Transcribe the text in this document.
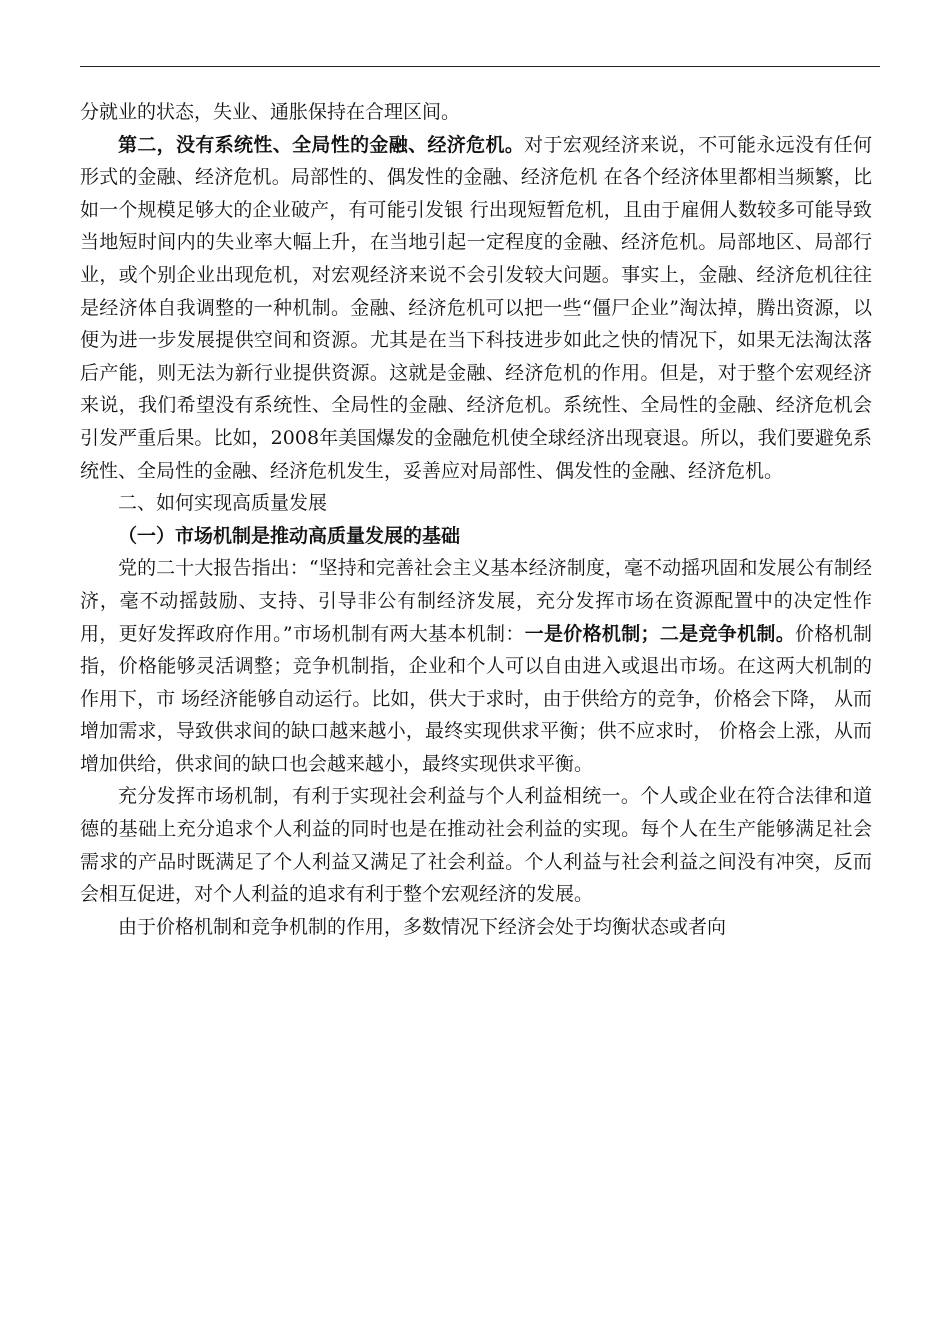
分就业的状态，失业、通胀保持在合理区间。

第二，没有系统性、全局性的金融、经济危机。对于宏观经济来说，不可能永远没有任何形式的金融、经济危机。局部性的、偶发性的金融、经济危机 在各个经济体里都相当频繁，比如一个规模足够大的企业破产，有可能引发银 行出现短暂危机，且由于雇佣人数较多可能导致当地短时间内的失业率大幅上升，在当地引起一定程度的金融、经济危机。局部地区、局部行业，或个别企业出现危机，对宏观经济来说不会引发较大问题。事实上，金融、经济危机往往是经济体自我调整的一种机制。金融、经济危机可以把一些“僵尸企业”淘汰掉，腾出资源，以便为进一步发展提供空间和资源。尤其是在当下科技进步如此之快的情况下，如果无法淘汰落后产能，则无法为新行业提供资源。这就是金融、经济危机的作用。但是，对于整个宏观经济来说，我们希望没有系统性、全局性的金融、经济危机。系统性、全局性的金融、经济危机会引发严重后果。比如，2008年美国爆发的金融危机使全球经济出现衰退。所以，我们要避免系统性、全局性的金融、经济危机发生，妥善应对局部性、偶发性的金融、经济危机。

二、如何实现高质量发展

（一）市场机制是推动高质量发展的基础

党的二十大报告指出：“坚持和完善社会主义基本经济制度，毫不动摇巩固和发展公有制经济，毫不动摇鼓励、支持、引导非公有制经济发展，充分发挥市场在资源配置中的决定性作用，更好发挥政府作用。”市场机制有两大基本机制：一是价格机制；二是竞争机制。价格机制指，价格能够灵活调整；竞争机制指，企业和个人可以自由进入或退出市场。在这两大机制的作用下，市 场经济能够自动运行。比如，供大于求时，由于供给方的竞争，价格会下降， 从而增加需求，导致供求间的缺口越来越小，最终实现供求平衡；供不应求时， 价格会上涨，从而增加供给，供求间的缺口也会越来越小，最终实现供求平衡。

充分发挥市场机制，有利于实现社会利益与个人利益相统一。个人或企业在符合法律和道德的基础上充分追求个人利益的同时也是在推动社会利益的实现。每个人在生产能够满足社会需求的产品时既满足了个人利益又满足了社会利益。个人利益与社会利益之间没有冲突，反而会相互促进，对个人利益的追求有利于整个宏观经济的发展。

由于价格机制和竞争机制的作用，多数情况下经济会处于均衡状态或者向
